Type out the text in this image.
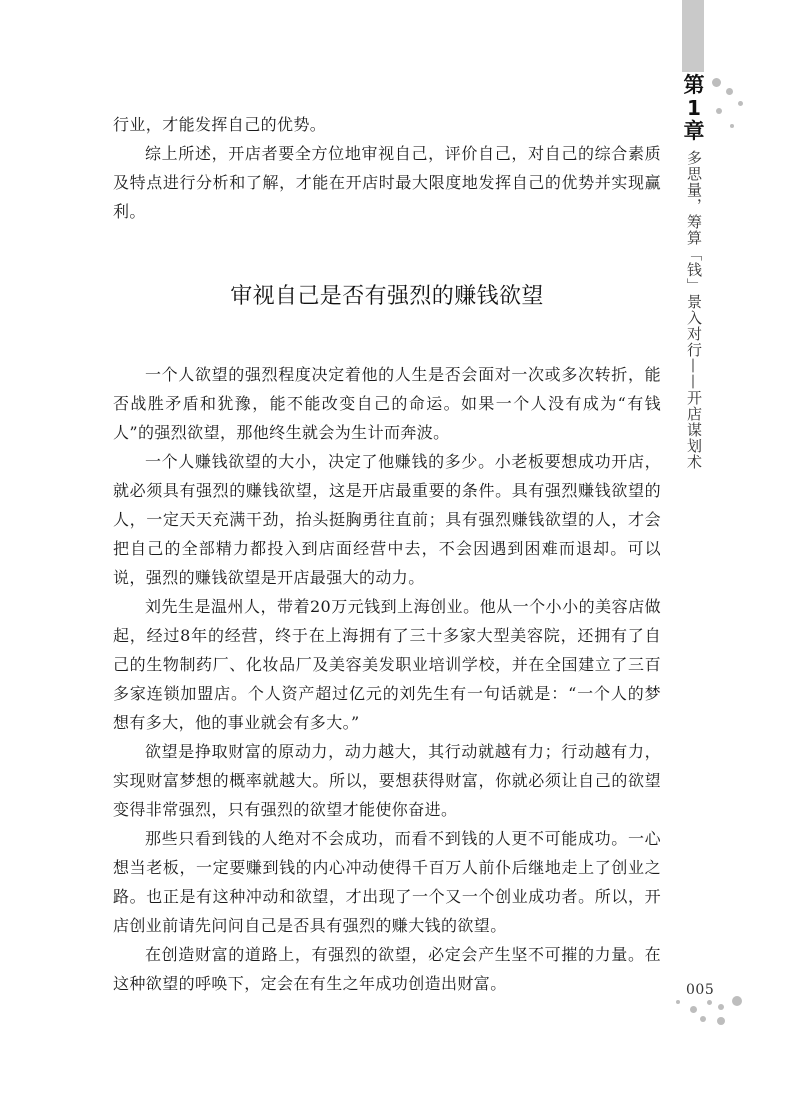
第
1
章
多思量，筹算「钱」景入对行——开店谋划术

行业，才能发挥自己的优势。

综上所述，开店者要全方位地审视自己，评价自己，对自己的综合素质及特点进行分析和了解，才能在开店时最大限度地发挥自己的优势并实现赢利。

审视自己是否有强烈的赚钱欲望

一个人欲望的强烈程度决定着他的人生是否会面对一次或多次转折，能否战胜矛盾和犹豫，能不能改变自己的命运。如果一个人没有成为“有钱人”的强烈欲望，那他终生就会为生计而奔波。

一个人赚钱欲望的大小，决定了他赚钱的多少。小老板要想成功开店，就必须具有强烈的赚钱欲望，这是开店最重要的条件。具有强烈赚钱欲望的人，一定天天充满干劲，抬头挺胸勇往直前；具有强烈赚钱欲望的人，才会把自己的全部精力都投入到店面经营中去，不会因遇到困难而退却。可以说，强烈的赚钱欲望是开店最强大的动力。

刘先生是温州人，带着20万元钱到上海创业。他从一个小小的美容店做起，经过8年的经营，终于在上海拥有了三十多家大型美容院，还拥有了自己的生物制药厂、化妆品厂及美容美发职业培训学校，并在全国建立了三百多家连锁加盟店。个人资产超过亿元的刘先生有一句话就是：“一个人的梦想有多大，他的事业就会有多大。”

欲望是挣取财富的原动力，动力越大，其行动就越有力；行动越有力，实现财富梦想的概率就越大。所以，要想获得财富，你就必须让自己的欲望变得非常强烈，只有强烈的欲望才能使你奋进。

那些只看到钱的人绝对不会成功，而看不到钱的人更不可能成功。一心想当老板，一定要赚到钱的内心冲动使得千百万人前仆后继地走上了创业之路。也正是有这种冲动和欲望，才出现了一个又一个创业成功者。所以，开店创业前请先问问自己是否具有强烈的赚大钱的欲望。

在创造财富的道路上，有强烈的欲望，必定会产生坚不可摧的力量。在这种欲望的呼唤下，定会在有生之年成功创造出财富。	005
